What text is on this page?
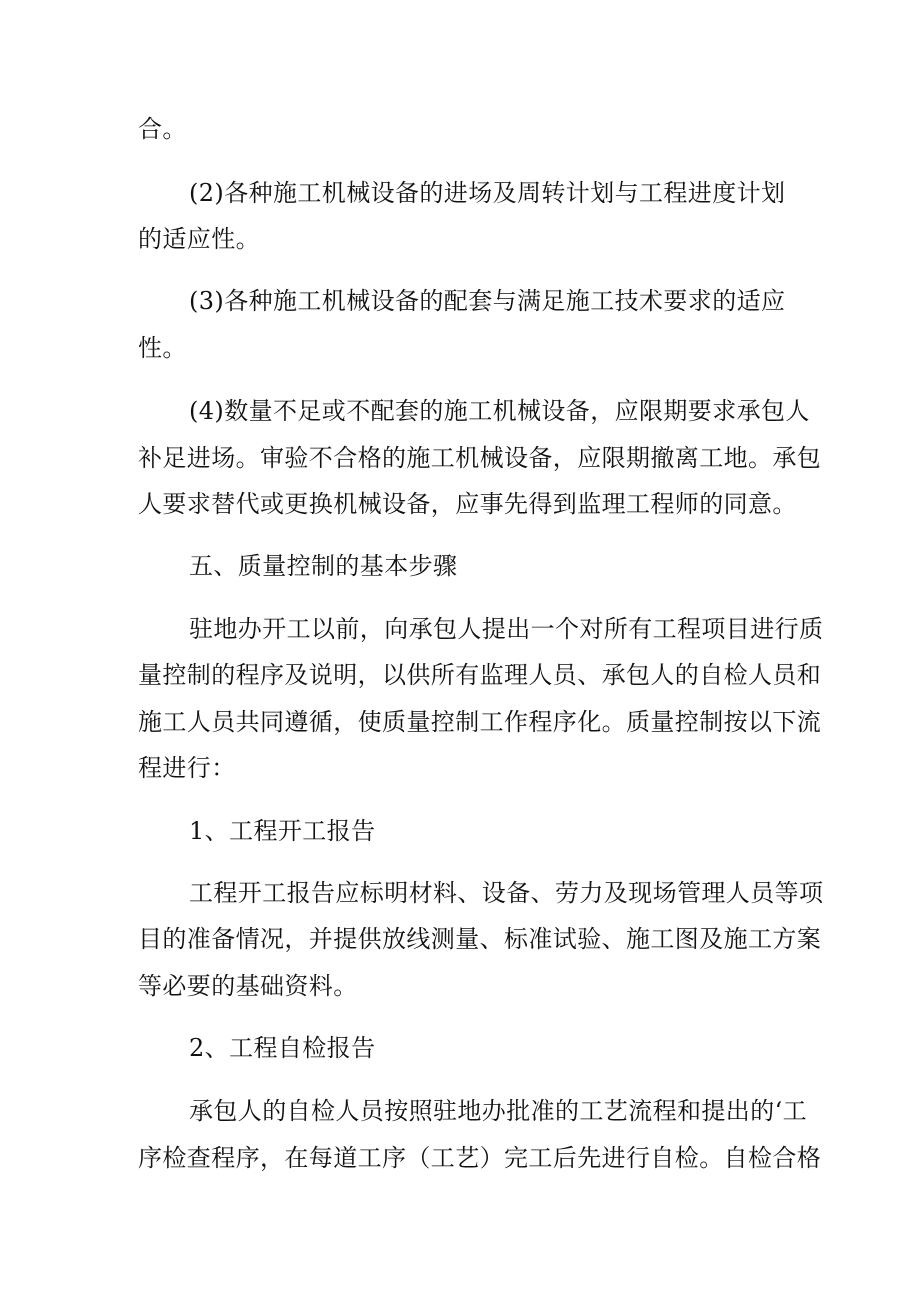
合。
(2)各种施工机械设备的进场及周转计划与工程进度计划
的适应性。
(3)各种施工机械设备的配套与满足施工技术要求的适应
性。
(4)数量不足或不配套的施工机械设备，应限期要求承包人
补足进场。审验不合格的施工机械设备，应限期撤离工地。承包
人要求替代或更换机械设备，应事先得到监理工程师的同意。
五、质量控制的基本步骤
驻地办开工以前，向承包人提出一个对所有工程项目进行质
量控制的程序及说明，以供所有监理人员、承包人的自检人员和
施工人员共同遵循，使质量控制工作程序化。质量控制按以下流
程进行：
1、工程开工报告
工程开工报告应标明材料、设备、劳力及现场管理人员等项
目的准备情况，并提供放线测量、标准试验、施工图及施工方案
等必要的基础资料。
2、工程自检报告
承包人的自检人员按照驻地办批准的工艺流程和提出的‘工
序检查程序，在每道工序（工艺）完工后先进行自检。自检合格
